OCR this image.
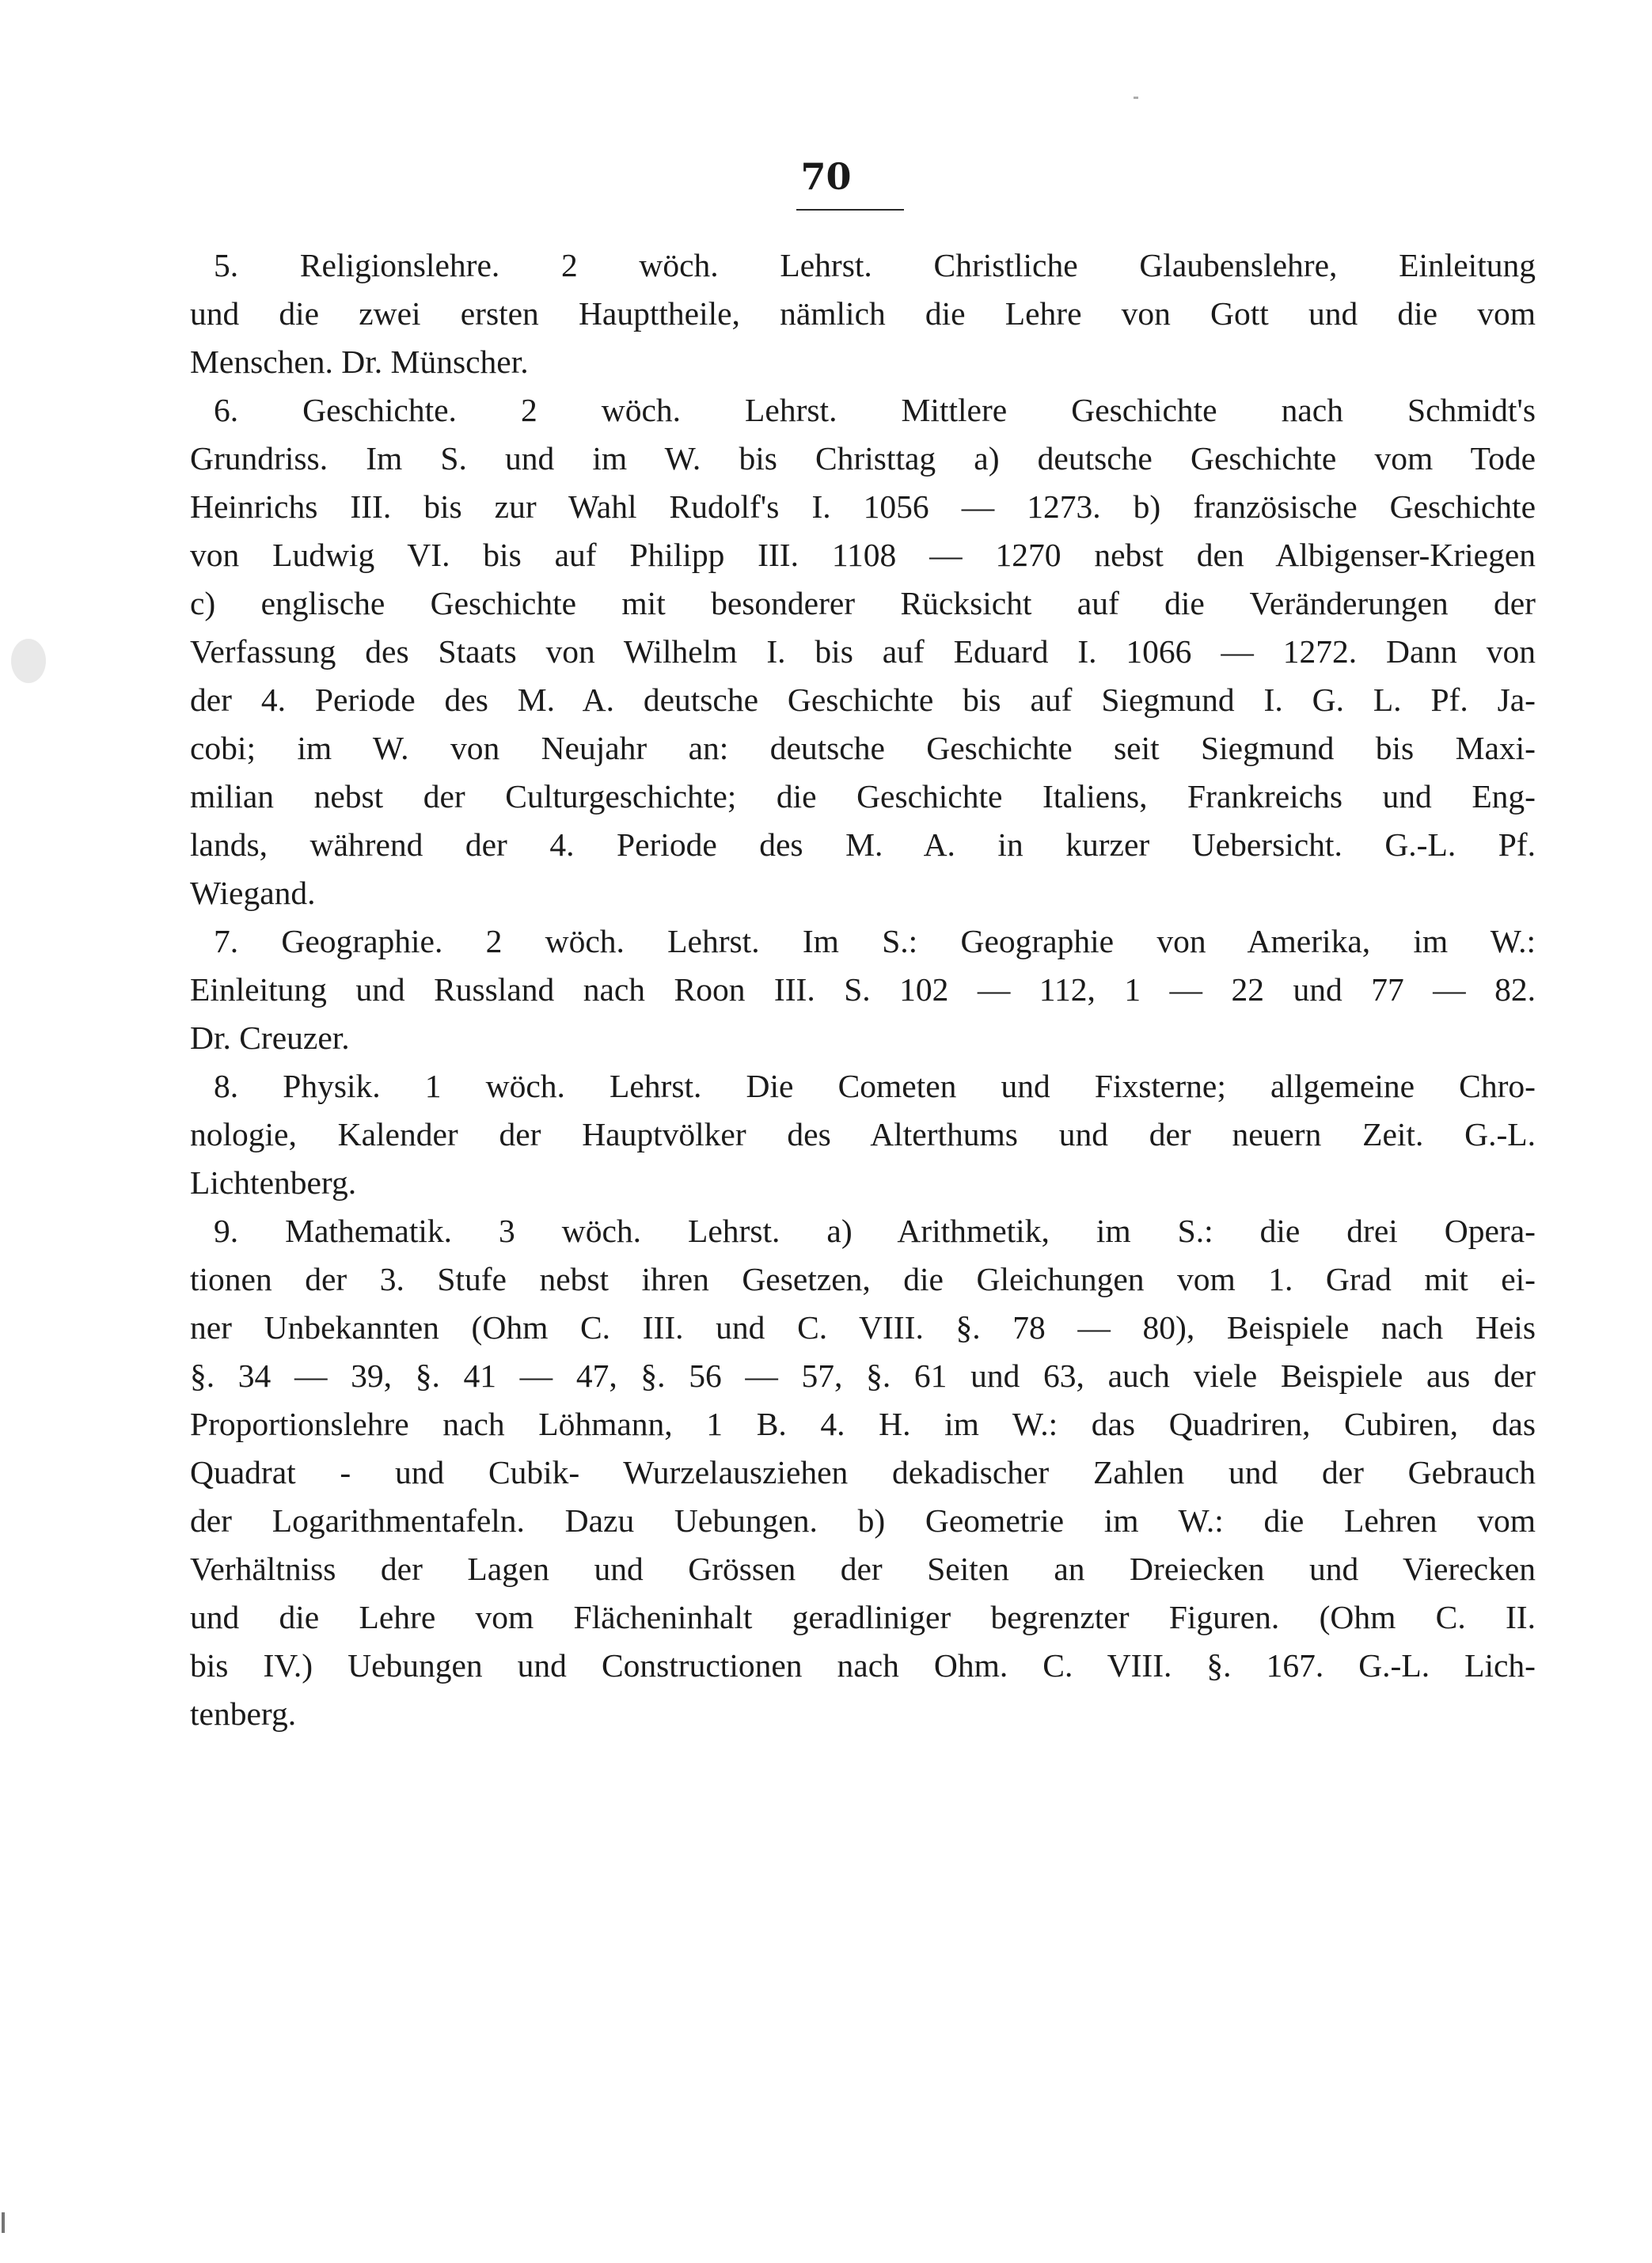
70
5. Religionslehre. 2 wöch. Lehrst. Christliche Glaubenslehre, Einleitung
und die zwei ersten Haupttheile, nämlich die Lehre von Gott und die vom
Menschen. Dr. Münscher.
6. Geschichte. 2 wöch. Lehrst. Mittlere Geschichte nach Schmidt's
Grundriss. Im S. und im W. bis Christtag a) deutsche Geschichte vom Tode
Heinrichs III. bis zur Wahl Rudolf's I. 1056 — 1273. b) französische Geschichte
von Ludwig VI. bis auf Philipp III. 1108 — 1270 nebst den Albigenser-Kriegen
c) englische Geschichte mit besonderer Rücksicht auf die Veränderungen der
Verfassung des Staats von Wilhelm I. bis auf Eduard I. 1066 — 1272. Dann von
der 4. Periode des M. A. deutsche Geschichte bis auf Siegmund I. G. L. Pf. Ja-
cobi; im W. von Neujahr an: deutsche Geschichte seit Siegmund bis Maxi-
milian nebst der Culturgeschichte; die Geschichte Italiens, Frankreichs und Eng-
lands, während der 4. Periode des M. A. in kurzer Uebersicht. G.-L. Pf.
Wiegand.
7. Geographie. 2 wöch. Lehrst. Im S.: Geographie von Amerika, im W.:
Einleitung und Russland nach Roon III. S. 102 — 112, 1 — 22 und 77 — 82.
Dr. Creuzer.
8. Physik. 1 wöch. Lehrst. Die Cometen und Fixsterne; allgemeine Chro-
nologie, Kalender der Hauptvölker des Alterthums und der neuern Zeit. G.-L.
Lichtenberg.
9. Mathematik. 3 wöch. Lehrst. a) Arithmetik, im S.: die drei Opera-
tionen der 3. Stufe nebst ihren Gesetzen, die Gleichungen vom 1. Grad mit ei-
ner Unbekannten (Ohm C. III. und C. VIII. §. 78 — 80), Beispiele nach Heis
§. 34 — 39, §. 41 — 47, §. 56 — 57, §. 61 und 63, auch viele Beispiele aus der
Proportionslehre nach Löhmann, 1 B. 4. H. im W.: das Quadriren, Cubiren, das
Quadrat - und Cubik- Wurzelausziehen dekadischer Zahlen und der Gebrauch
der Logarithmentafeln. Dazu Uebungen. b) Geometrie im W.: die Lehren vom
Verhältniss der Lagen und Grössen der Seiten an Dreiecken und Vierecken
und die Lehre vom Flächeninhalt geradliniger begrenzter Figuren. (Ohm C. II.
bis IV.) Uebungen und Constructionen nach Ohm. C. VIII. §. 167. G.-L. Lich-
tenberg.
